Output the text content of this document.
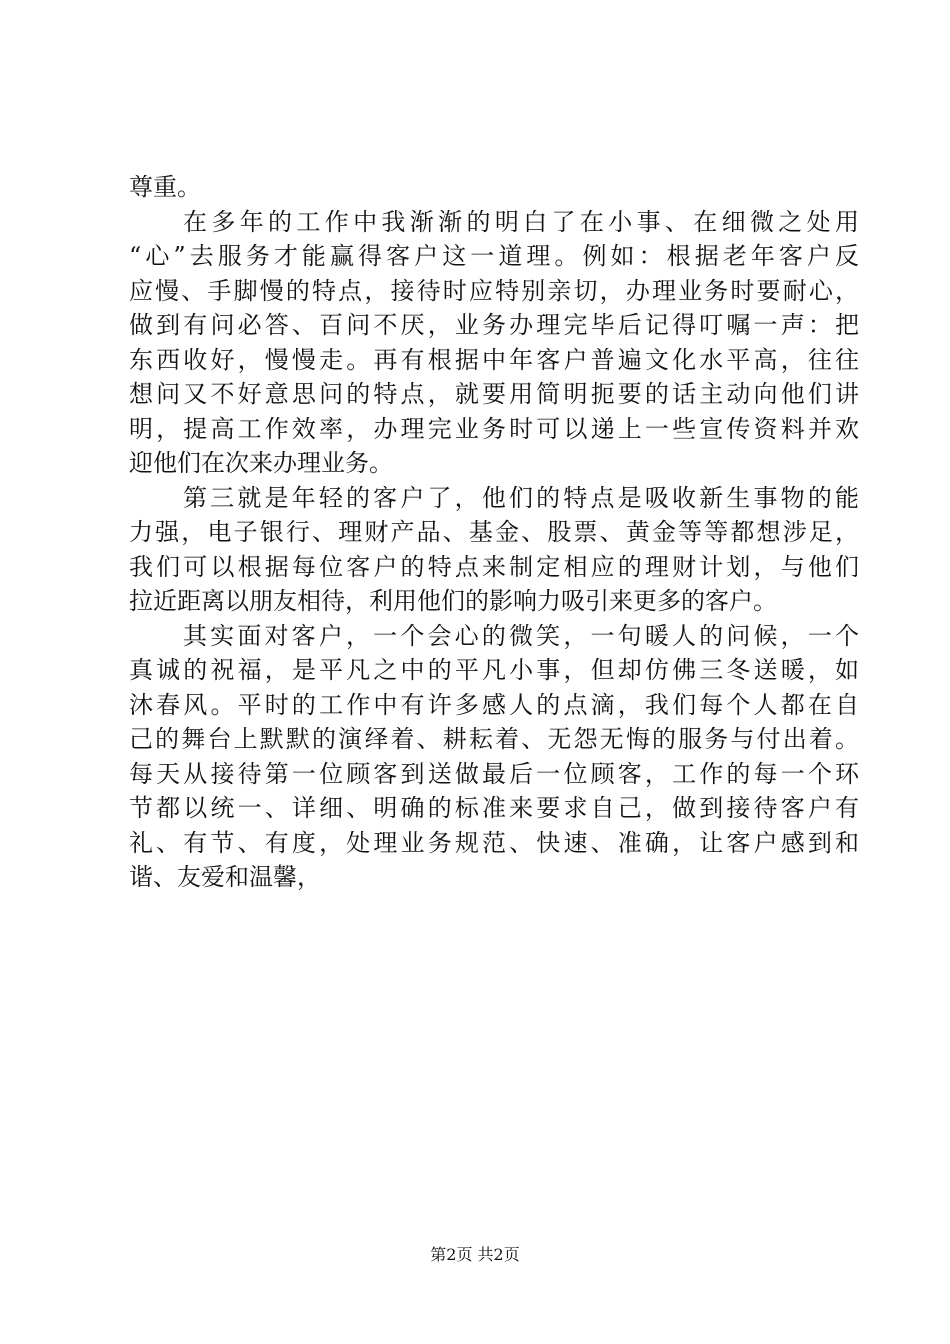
尊重。
在多年的工作中我渐渐的明白了在小事、在细微之处用
“心”去服务才能赢得客户这一道理。例如：根据老年客户反
应慢、手脚慢的特点，接待时应特别亲切，办理业务时要耐心，
做到有问必答、百问不厌，业务办理完毕后记得叮嘱一声：把
东西收好，慢慢走。再有根据中年客户普遍文化水平高，往往
想问又不好意思问的特点，就要用简明扼要的话主动向他们讲
明，提高工作效率，办理完业务时可以递上一些宣传资料并欢
迎他们在次来办理业务。
第三就是年轻的客户了，他们的特点是吸收新生事物的能
力强，电子银行、理财产品、基金、股票、黄金等等都想涉足，
我们可以根据每位客户的特点来制定相应的理财计划，与他们
拉近距离以朋友相待，利用他们的影响力吸引来更多的客户。
其实面对客户，一个会心的微笑，一句暖人的问候，一个
真诚的祝福，是平凡之中的平凡小事，但却仿佛三冬送暖，如
沐春风。平时的工作中有许多感人的点滴，我们每个人都在自
己的舞台上默默的演绎着、耕耘着、无怨无悔的服务与付出着。
每天从接待第一位顾客到送做最后一位顾客，工作的每一个环
节都以统一、详细、明确的标准来要求自己，做到接待客户有
礼、有节、有度，处理业务规范、快速、准确，让客户感到和
谐、友爱和温馨，
第2页 共2页
